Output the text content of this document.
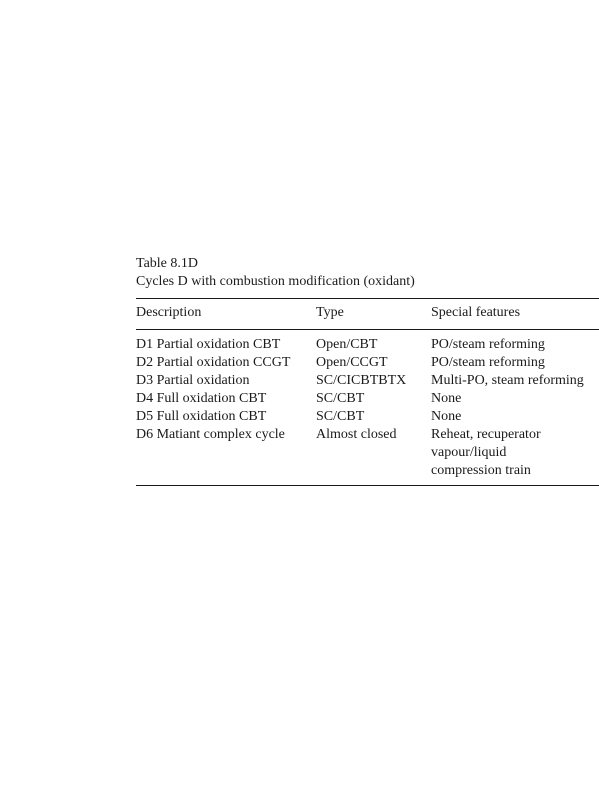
Table 8.1D

Cycles D with combustion modification (oxidant)

Description	Type	Special features
D1 Partial oxidation CBT	Open/CBT	PO/steam reforming
D2 Partial oxidation CCGT	Open/CCGT	PO/steam reforming
D3 Partial oxidation	SC/CICBTBTX	Multi-PO, steam reforming
D4 Full oxidation CBT	SC/CBT	None
D5 Full oxidation CBT	SC/CBT	None
D6 Matiant complex cycle	Almost closed	Reheat, recuperator
vapour/liquid
compression train
